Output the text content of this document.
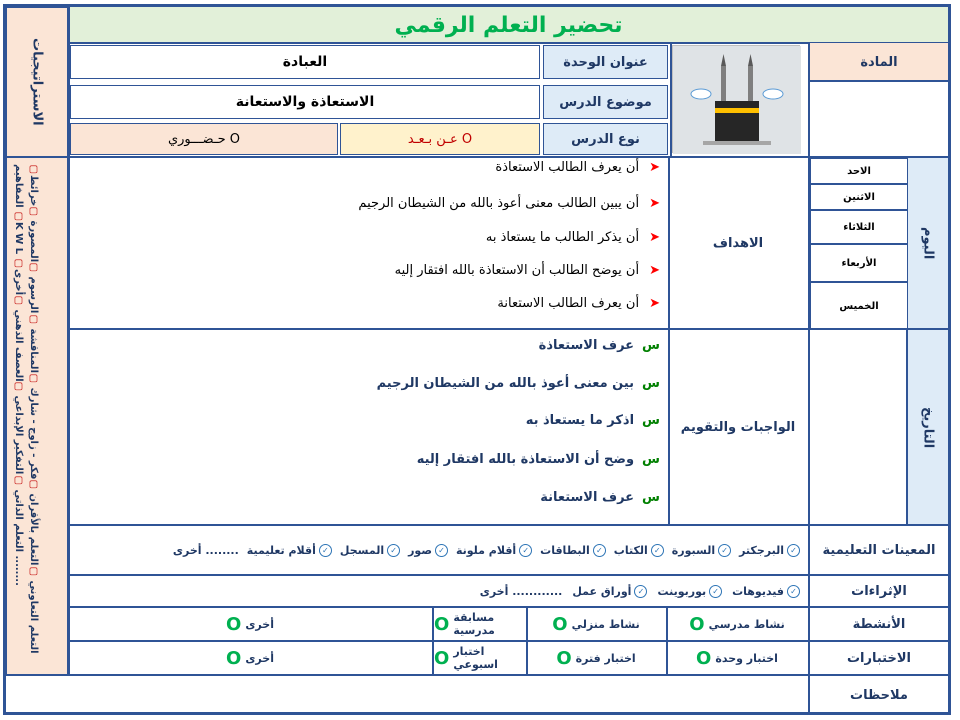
تحضير التعلم الرقمي
الاستراتيجيات
▢التعلم التعاوني ▢التعلم بالأقران ▢فكر - زاوج - شارك ▢المناقشة ▢الرسوم ▢المصورة ▢خرائط المفاهيم ▢K W L ▢التعلم الذاتي ▢التفكير الإبداعي ▢العصف الذهني ▢أخرى ........
المادة
عنوان الوحدة
موضوع الدرس
نوع الدرس
العبادة
الاستعاذة والاستعانة
عـن بـعـد O
حـضـــوري O
اليوم
التاريخ
الاحد
الاثنين
الثلاثاء
الأربعاء
الخميس
الاهداف
➤
أن يعرف الطالب الاستعاذة
➤
أن يبين الطالب معنى أعوذ بالله من الشيطان الرجيم
➤
أن يذكر الطالب ما يستعاذ به
➤
أن يوضح الطالب أن الاستعاذة بالله افتقار إليه
➤
أن يعرف الطالب الاستعانة
الواجبات والتقويم
س
عرف الاستعاذة
س
بين معنى أعوذ بالله من الشيطان الرجيم
س
اذكر ما يستعاذ به
س
وضح أن الاستعاذة بالله افتقار إليه
س
عرف الاستعانة
المعينات التعليمية
✓
البرجكتر
✓
السبورة
✓
الكتاب
✓
البطاقات
✓
أقلام ملونة
✓
صور
✓
المسجل
✓
أقلام تعليمية
أخرى ........
الإثراءات
✓
فيديوهات
✓
بوربوينت
✓
أوراق عمل
أخرى ............
الأنشطة
نشاط مدرسي
O
نشاط منزلي
O
مسابقة مدرسية
O
أخرى
O
الاختبارات
اختبار وحدة
O
اختبار فترة
O
اختبار اسبوعي
O
أخرى
O
ملاحظات
